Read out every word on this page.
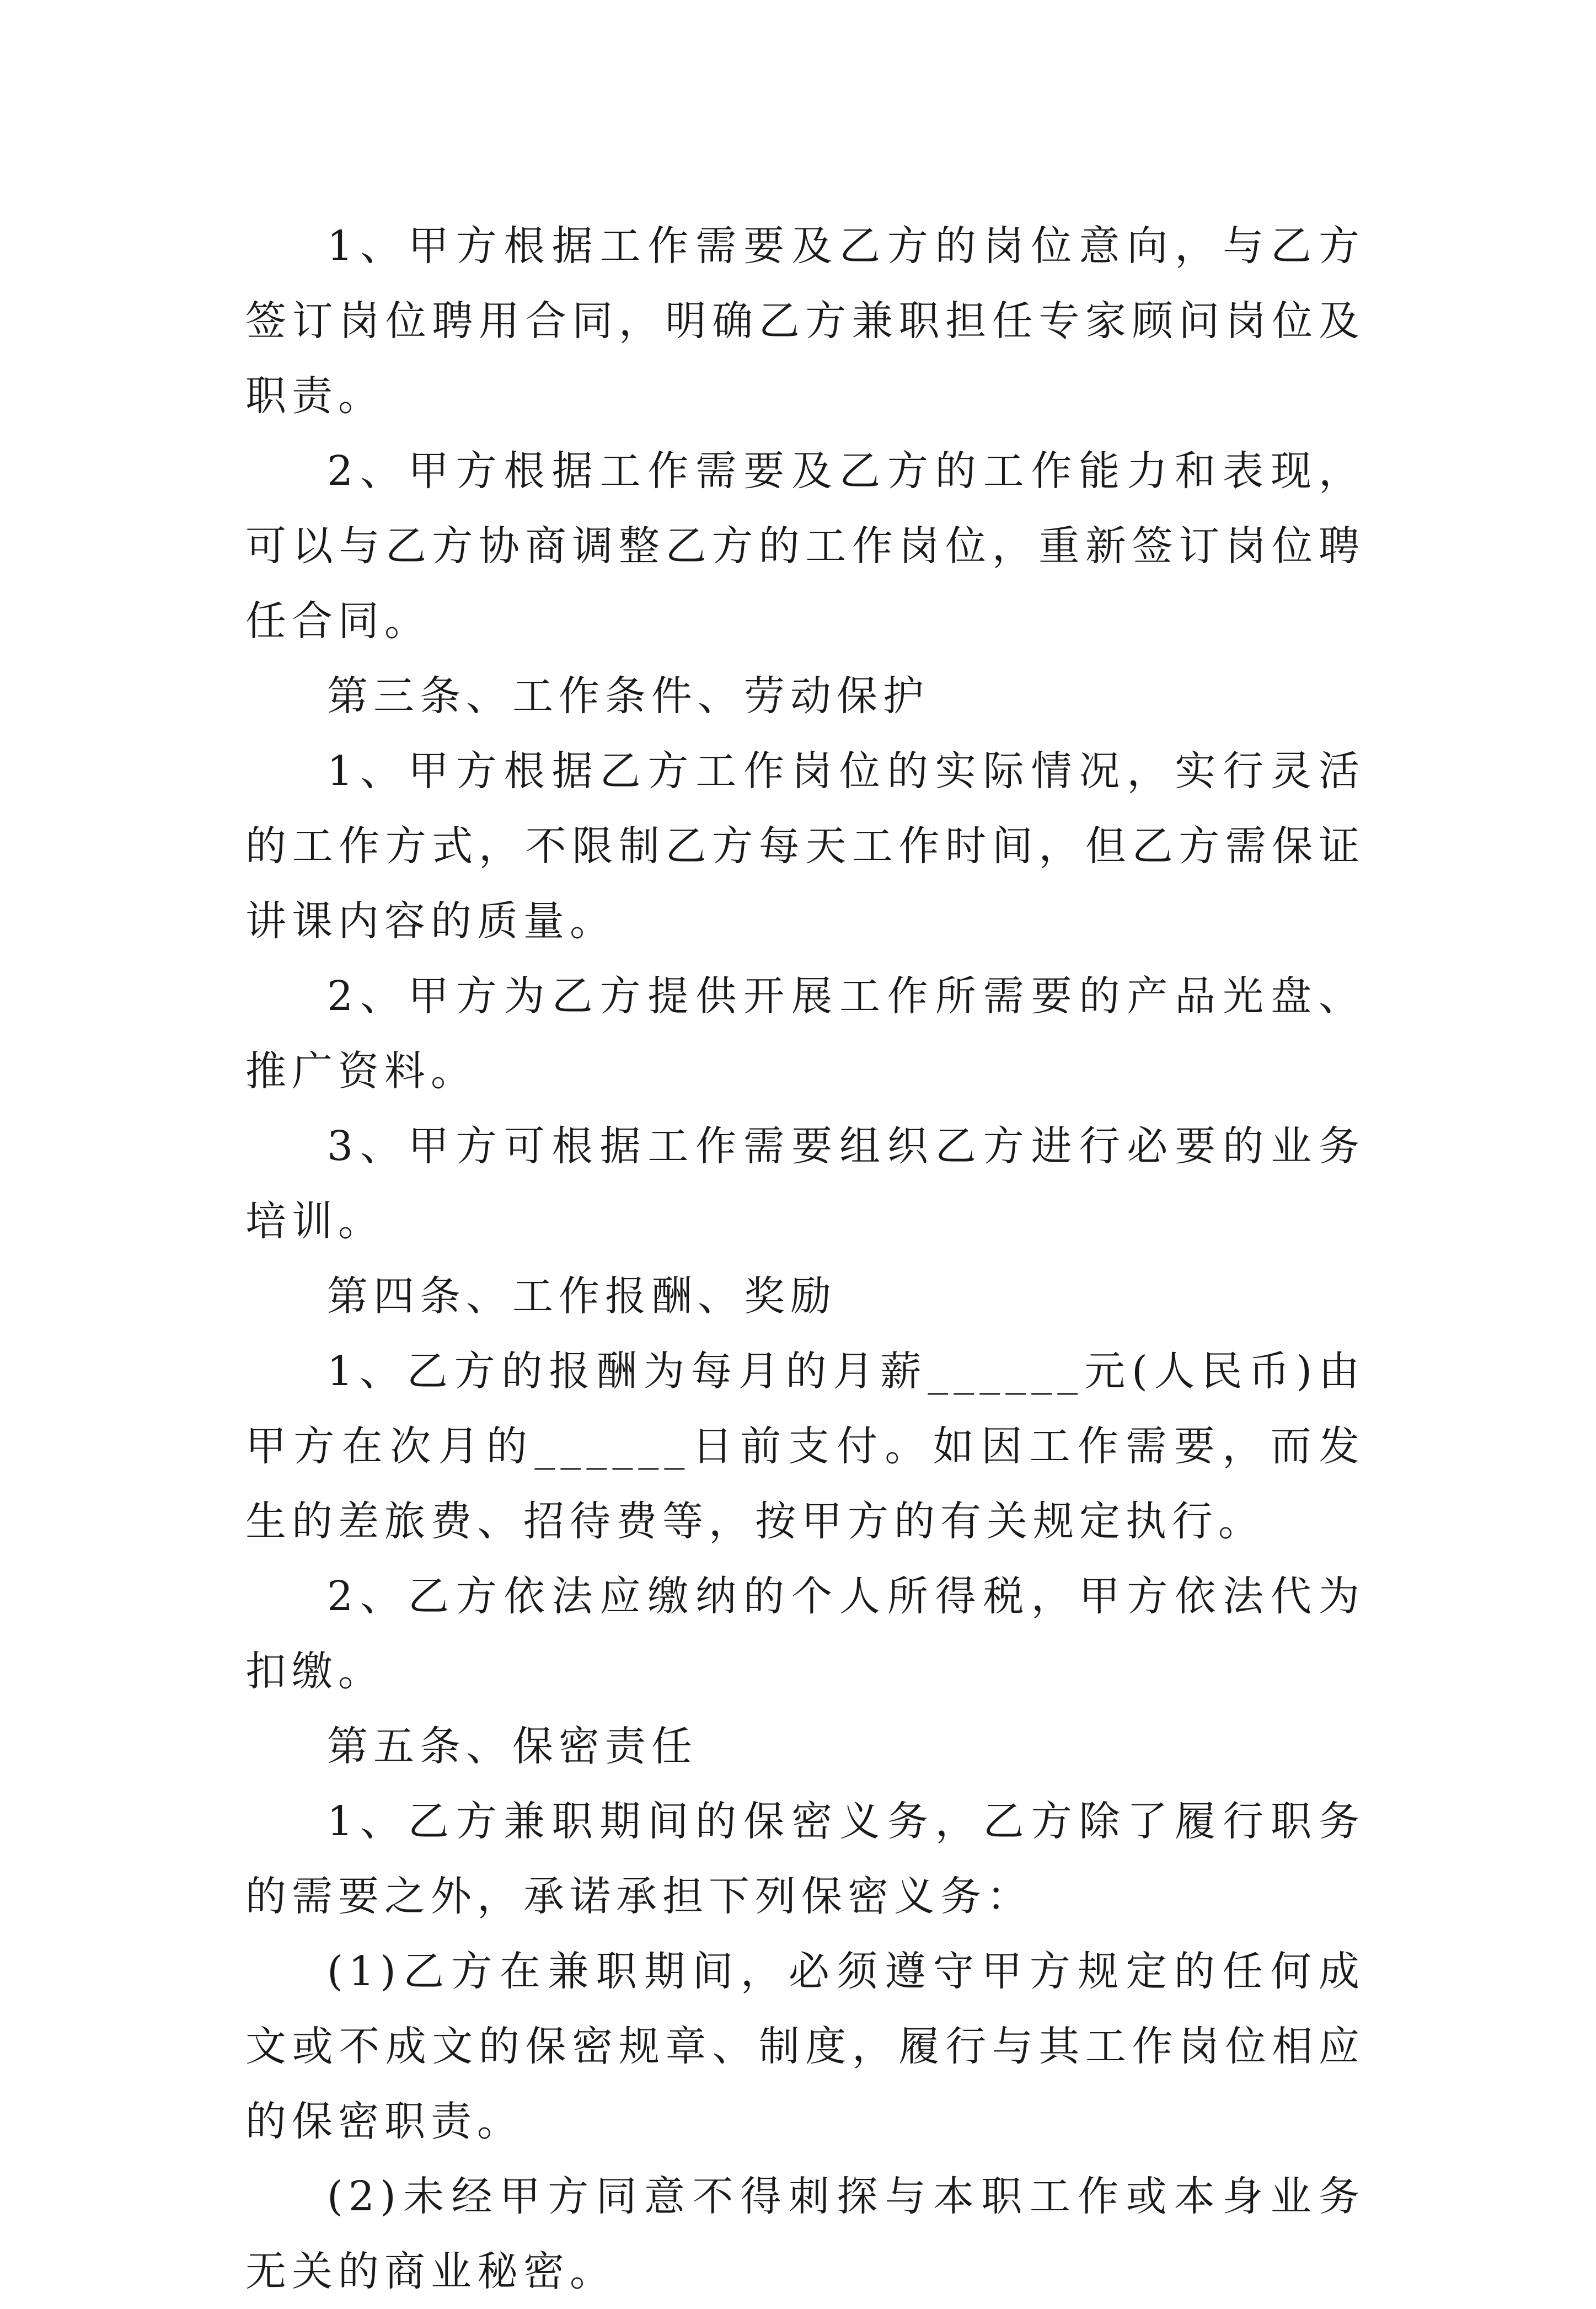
1、甲方根据工作需要及乙方的岗位意向，与乙方签订岗位聘用合同，明确乙方兼职担任专家顾问岗位及职责。

2、甲方根据工作需要及乙方的工作能力和表现，可以与乙方协商调整乙方的工作岗位，重新签订岗位聘任合同。

第三条、工作条件、劳动保护

1、甲方根据乙方工作岗位的实际情况，实行灵活的工作方式，不限制乙方每天工作时间，但乙方需保证讲课内容的质量。

2、甲方为乙方提供开展工作所需要的产品光盘、推广资料。

3、甲方可根据工作需要组织乙方进行必要的业务培训。

第四条、工作报酬、奖励

1、乙方的报酬为每月的月薪______元(人民币)由甲方在次月的______日前支付。如因工作需要，而发生的差旅费、招待费等，按甲方的有关规定执行。

2、乙方依法应缴纳的个人所得税，甲方依法代为扣缴。

第五条、保密责任

1、乙方兼职期间的保密义务，乙方除了履行职务的需要之外，承诺承担下列保密义务：

(1)乙方在兼职期间，必须遵守甲方规定的任何成文或不成文的保密规章、制度，履行与其工作岗位相应的保密职责。

(2)未经甲方同意不得刺探与本职工作或本身业务无关的商业秘密。
